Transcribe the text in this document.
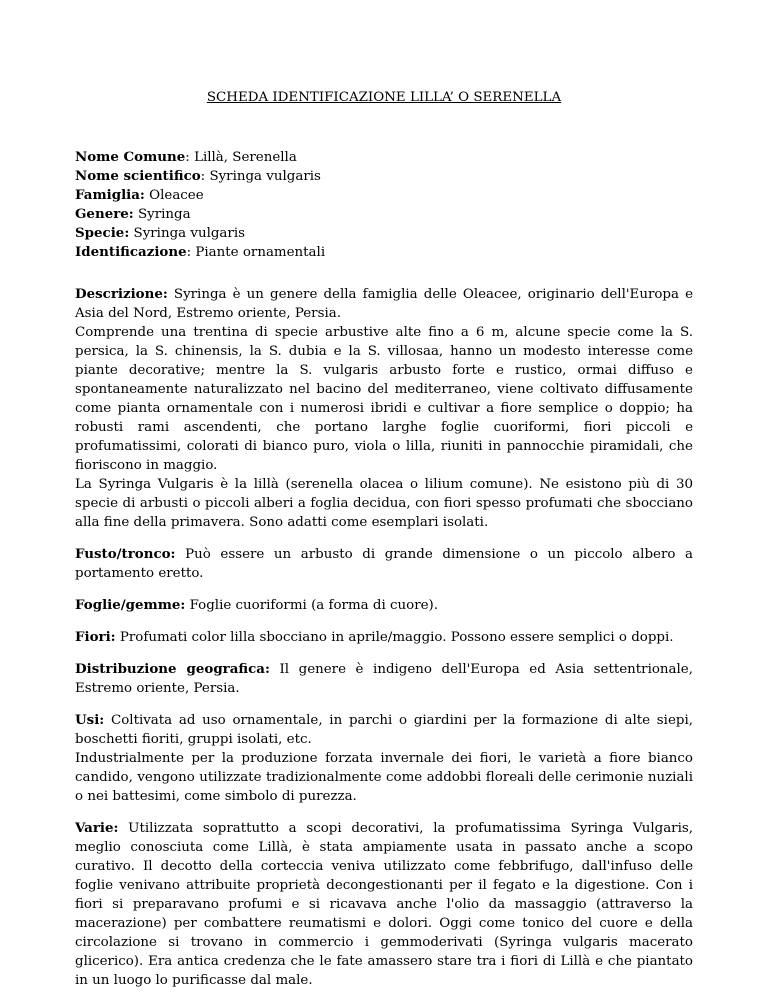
SCHEDA IDENTIFICAZIONE LILLA’ O SERENELLA
Nome Comune: Lillà, Serenella
Nome scientifico: Syringa vulgaris
Famiglia: Oleacee
Genere: Syringa
Specie: Syringa vulgaris
Identificazione: Piante ornamentali

Descrizione: Syringa è un genere della famiglia delle Oleacee, originario dell'Europa e Asia del Nord, Estremo oriente, Persia.

Comprende una trentina di specie arbustive alte fino a 6 m, alcune specie come la S. persica, la S. chinensis, la S. dubia e la S. villosaa, hanno un modesto interesse come piante decorative; mentre la S. vulgaris arbusto forte e rustico, ormai diffuso e spontaneamente naturalizzato nel bacino del mediterraneo, viene coltivato diffusamente come pianta ornamentale con i numerosi ibridi e cultivar a fiore semplice o doppio; ha robusti rami ascendenti, che portano larghe foglie cuoriformi, fiori piccoli e profumatissimi, colorati di bianco puro, viola o lilla, riuniti in pannocchie piramidali, che fioriscono in maggio.

La Syringa Vulgaris è la lillà (serenella olacea o lilium comune). Ne esistono più di 30 specie di arbusti o piccoli alberi a foglia decidua, con fiori spesso profumati che sbocciano alla fine della primavera. Sono adatti come esemplari isolati.

Fusto/tronco: Può essere un arbusto di grande dimensione o un piccolo albero a portamento eretto.

Foglie/gemme: Foglie cuoriformi (a forma di cuore).

Fiori: Profumati color lilla sbocciano in aprile/maggio. Possono essere semplici o doppi.

Distribuzione geografica: Il genere è indigeno dell'Europa ed Asia settentrionale, Estremo oriente, Persia.

Usi: Coltivata ad uso ornamentale, in parchi o giardini per la formazione di alte siepi, boschetti fioriti, gruppi isolati, etc.

Industrialmente per la produzione forzata invernale dei fiori, le varietà a fiore bianco candido, vengono utilizzate tradizionalmente come addobbi floreali delle cerimonie nuziali o nei battesimi, come simbolo di purezza.

Varie: Utilizzata soprattutto a scopi decorativi, la profumatissima Syringa Vulgaris, meglio conosciuta come Lillà, è stata ampiamente usata in passato anche a scopo curativo. Il decotto della corteccia veniva utilizzato come febbrifugo, dall'infuso delle foglie venivano attribuite proprietà decongestionanti per il fegato e la digestione. Con i fiori si preparavano profumi e si ricavava anche l'olio da massaggio (attraverso la macerazione) per combattere reumatismi e dolori. Oggi come tonico del cuore e della circolazione si trovano in commercio i gemmoderivati (Syringa vulgaris macerato glicerico). Era antica credenza che le fate amassero stare tra i fiori di Lillà e che piantato in un luogo lo purificasse dal male.
